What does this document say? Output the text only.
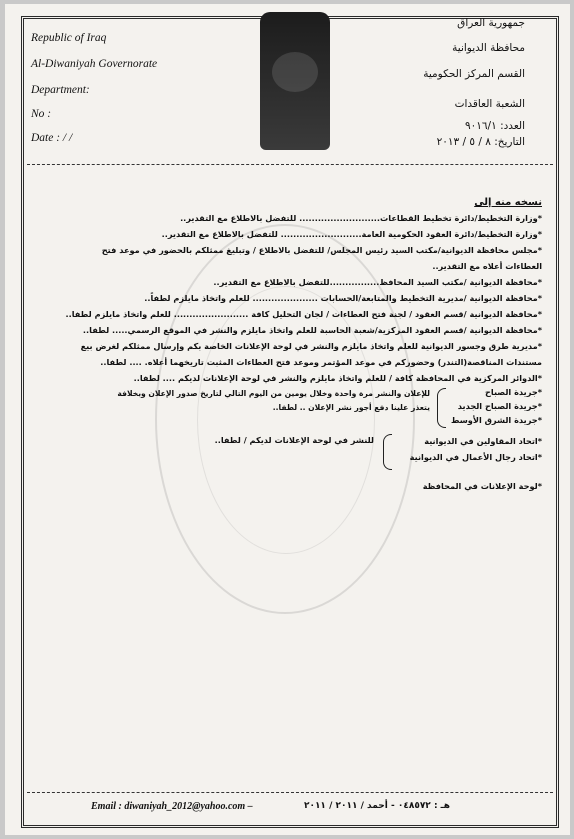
Republic of Iraq
Al-Diwaniyah Governorate
Department:
No :
Date : / /
جمهورية العراق
محافظة الديوانية
القسم المركز الحكومية
الشعبة العاقدات
العدد: ٩٠١٦/١
التاريخ: ٨ / ٥ / ٢٠١٣
نسخه منه إلى
*وزارة التخطيط/دائرة تخطيط القطاعات.......................... للتفضل بالاطلاع مع التقدير..
*وزارة التخطيط/دائرة العقود الحكومية العامة.......................... للتفضل بالاطلاع مع التقدير..
*مجلس محافظة الديوانية/مكتب السيد رئيس المجلس/ للتفضل بالاطلاع / وتبليغ ممثلكم بالحضور في موعد فتح
العطاءات أعلاه مع التقدير..
*محافظة الديوانية /مكتب السيد المحافظ................للتفضل بالاطلاع مع التقدير..
*محافظة الديوانية /مديرية التخطيط والمتابعة/الحسابات ..................... للعلم واتخاذ مايلزم لطفاً..
*محافظة الديوانية /قسم العقود / لجنة فتح العطاءات / لجان التحليل كافة ........................ للعلم واتخاذ مايلزم لطفا..
*محافظة الديوانية /قسم العقود المركزية/شعبة الحاسبة للعلم واتخاذ مايلزم والنشر في الموقع الرسمي..... لطفا..
*مديرية طرق وجسور الديوانية للعلم واتخاذ مايلزم والنشر في لوحة الإعلانات الخاصة بكم وإرسال ممثلكم لغرض بيع
مستندات المناقصة(التندر) وحضوركم في موعد المؤتمر وموعد فتح العطاءات المثبت تاريخهما أعلاه. .... لطفا..
*الدوائر المركزية في المحافظة كافة / للعلم واتخاذ مايلزم والنشر في لوحة الإعلانات لديكم .... لطفا..
*جريدة الصباح
*جريدة الصباح الجديد
*جريدة الشرق الأوسط
للإعلان والنشر مرة واحدة وخلال يومين من اليوم التالي لتاريخ صدور الإعلان وبخلافة
يتعذر علينا دفع أجور نشر الإعلان .. لطفا..
*اتحاد المقاولين في الديوانية
*اتحاد رجال الأعمال في الديوانية
للنشر في لوحة الإعلانات لديكم / لطفا..
*لوحة الإعلانات في المحافظة
Email : diwaniyah_2012@yahoo.com –	هـ : ٠٤٨٥٧٢ - أحمد / ٢٠١١ / ٢٠١١
